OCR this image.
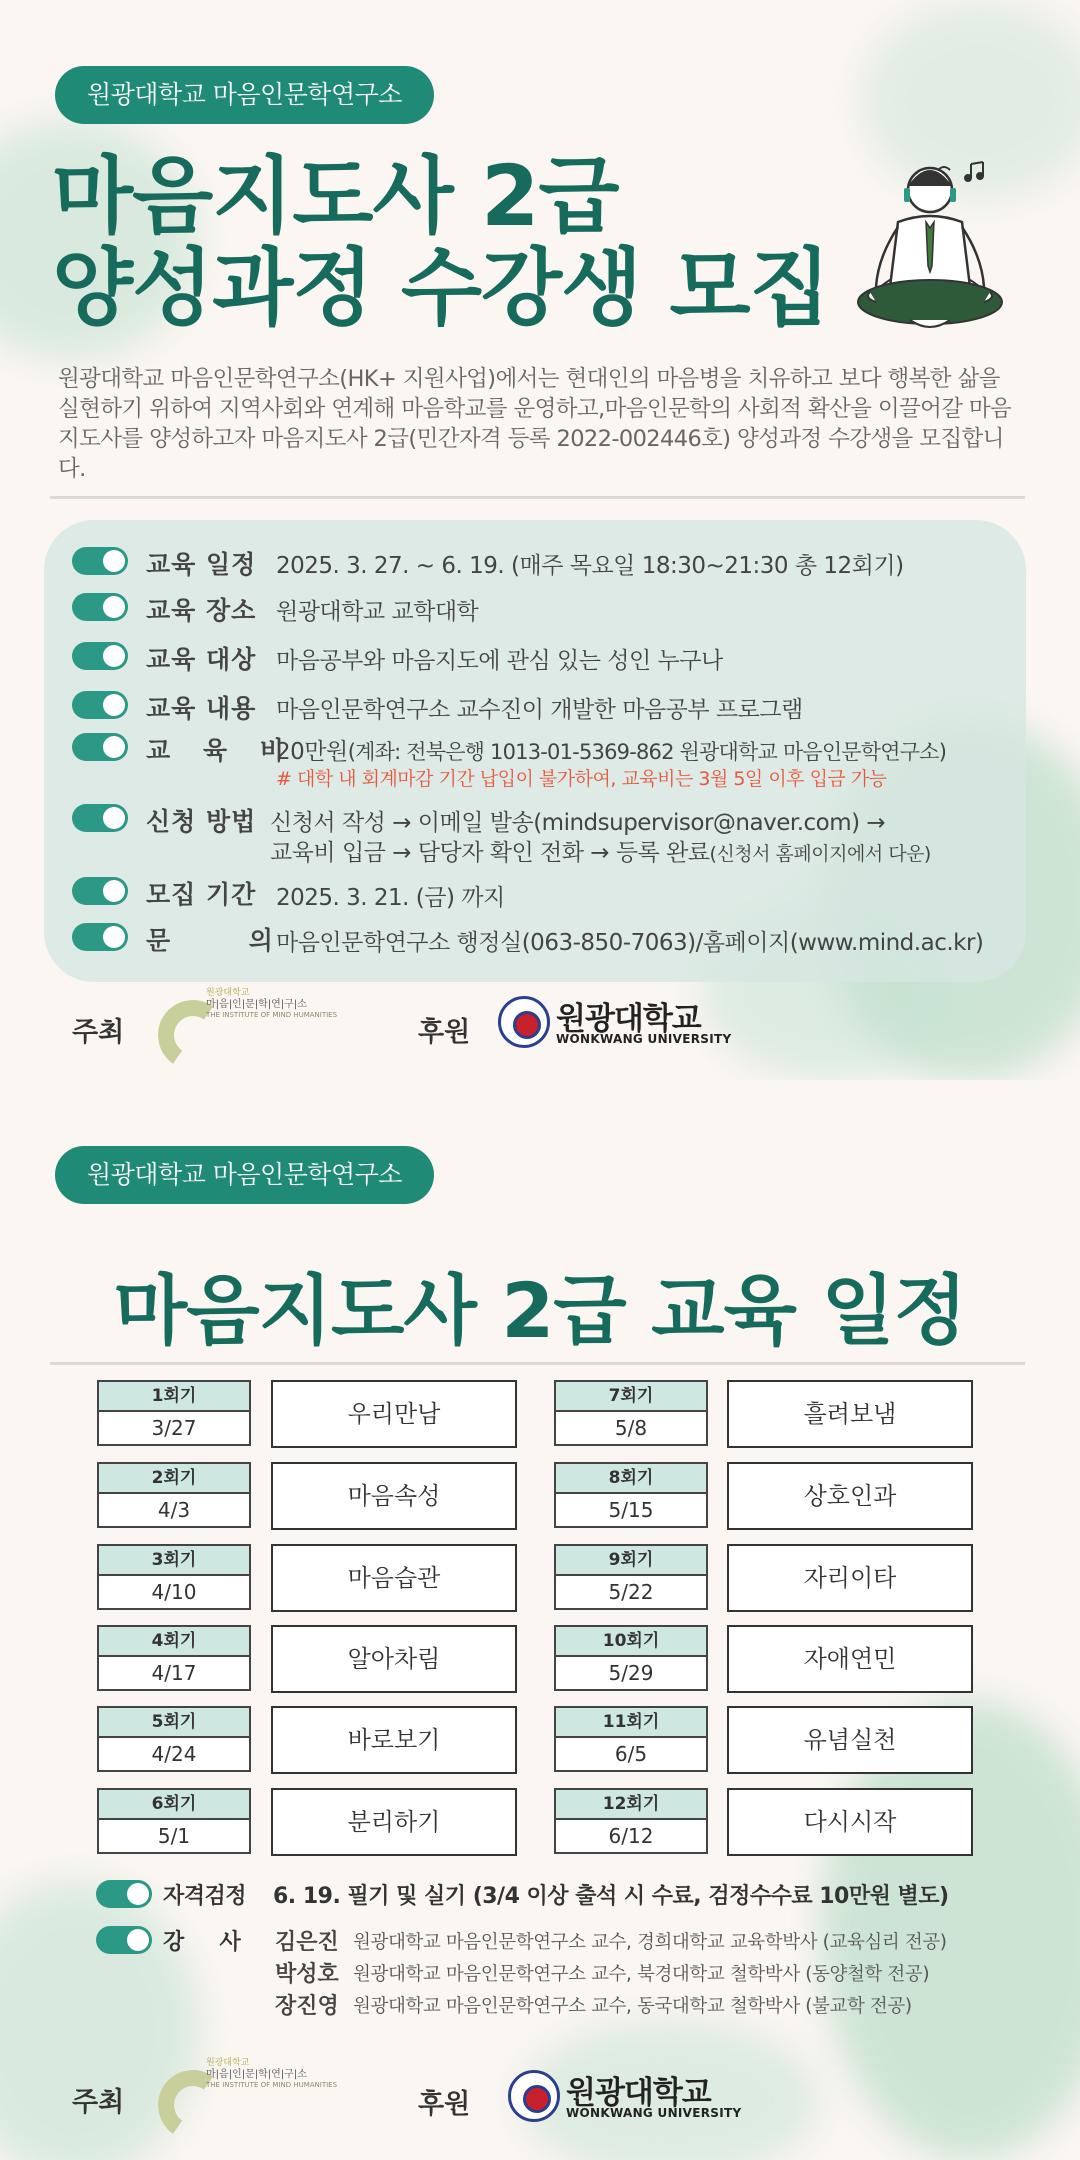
원광대학교 마음인문학연구소
마음지도사 2급
양성과정 수강생 모집

원광대학교 마음인문학연구소(HK+ 지원사업)에서는 현대인의 마음병을 치유하고 보다 행복한 삶을 실현하기 위하여 지역사회와 연계해 마음학교를 운영하고,마음인문학의 사회적 확산을 이끌어갈 마음지도사를 양성하고자 마음지도사 2급(민간자격 등록 2022-002446호) 양성과정 수강생을 모집합니다.

교육 일정 2025. 3. 27. ~ 6. 19. (매주 목요일 18:30~21:30 총 12회기)
교육 장소 원광대학교 교학대학
교육 대상 마음공부와 마음지도에 관심 있는 성인 누구나
교육 내용 마음인문학연구소 교수진이 개발한 마음공부 프로그램
교 육 비
20만원(계좌: 전북은행 1013-01-5369-862 원광대학교 마음인문학연구소)
# 대학 내 회계마감 기간 납입이 불가하여, 교육비는 3월 5일 이후 입금 가능
신청 방법 신청서 작성 → 이메일 발송(mindsupervisor@naver.com) →
교육비 입금 → 담당자 확인 전화 → 등록 완료(신청서 홈페이지에서 다운)
모집 기간 2025. 3. 21. (금) 까지
문        의 마음인문학연구소 행정실(063-850-7063)/홈페이지(www.mind.ac.kr)
주최
원광대학교
마|음|인|문|학|연|구|소
THE INSTITUTE OF MIND HUMANITIES
후원	원광대학교
WONKWANG UNIVERSITY
원광대학교 마음인문학연구소
마음지도사 2급 교육 일정
1회기
3/27	우리만남
2회기
4/3	마음속성
3회기
4/10	마음습관
4회기
4/17	알아차림
5회기
4/24	바로보기
6회기
5/1	분리하기
7회기
5/8	흘려보냄
8회기
5/15	상호인과
9회기
5/22	자리이타
10회기
5/29	자애연민
11회기
6/5	유념실천
12회기
6/12	다시시작
자격검정 6. 19. 필기 및 실기 (3/4 이상 출석 시 수료, 검정수수료 10만원 별도)
강     사 김은진 원광대학교 마음인문학연구소 교수, 경희대학교 교육학박사 (교육심리 전공)
박성호 원광대학교 마음인문학연구소 교수, 북경대학교 철학박사 (동양철학 전공)
장진영 원광대학교 마음인문학연구소 교수, 동국대학교 철학박사 (불교학 전공)
주최
원광대학교
마|음|인|문|학|연|구|소
THE INSTITUTE OF MIND HUMANITIES
후원	원광대학교
WONKWANG UNIVERSITY
